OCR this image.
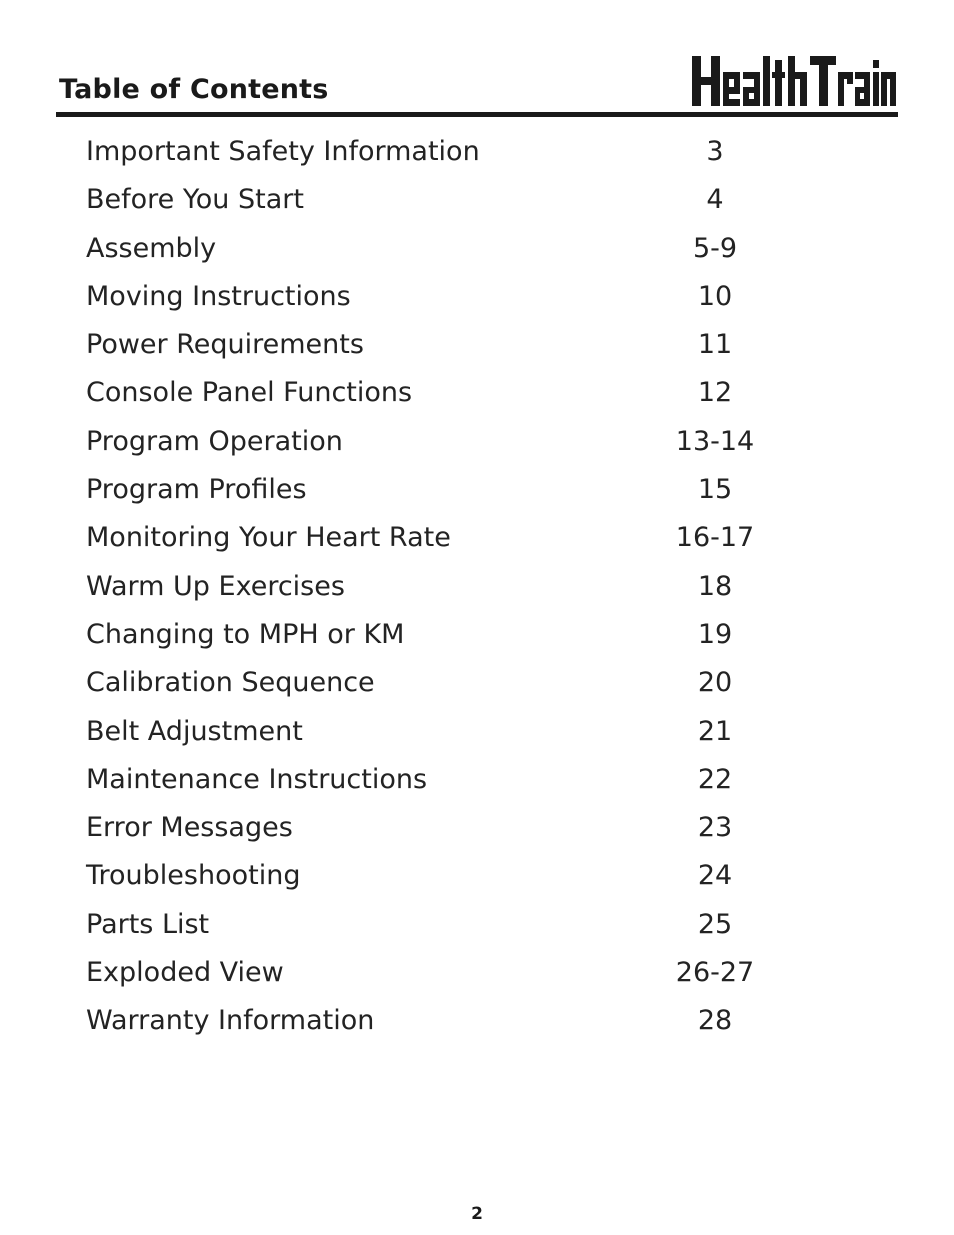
Table of Contents
Important Safety Information	3
Before You Start	4
Assembly	5-9
Moving Instructions	10
Power Requirements	11
Console Panel Functions	12
Program Operation	13-14
Program Profiles	15
Monitoring Your Heart Rate	16-17
Warm Up Exercises	18
Changing to MPH or KM	19
Calibration Sequence	20
Belt Adjustment	21
Maintenance Instructions	22
Error Messages	23
Troubleshooting	24
Parts List	25
Exploded View	26-27
Warranty Information	28
2
